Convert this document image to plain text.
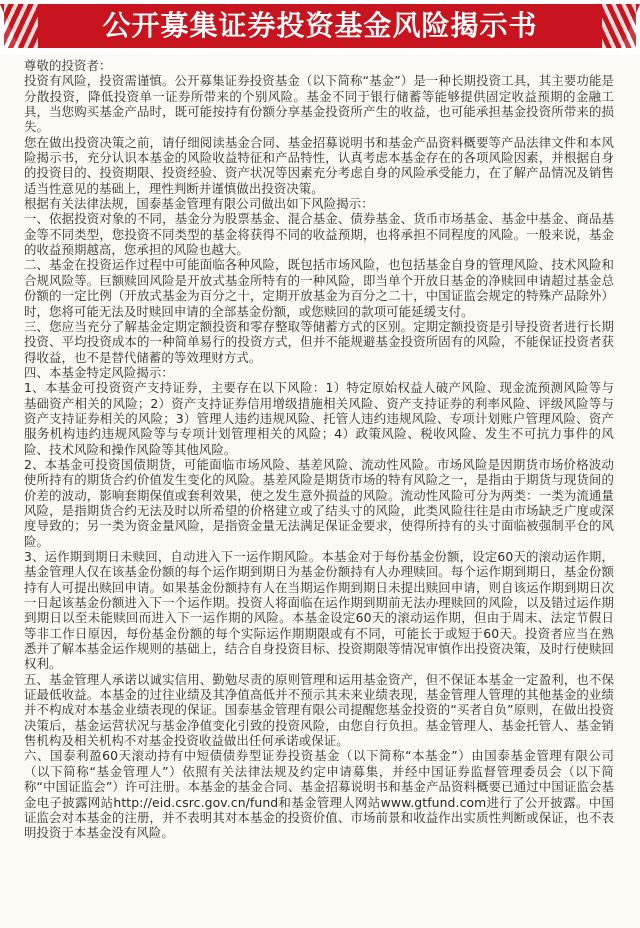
公开募集证券投资基金风险揭示书

尊敬的投资者：

投资有风险，投资需谨慎。公开募集证券投资基金（以下简称“基金”）是一种长期投资工具，其主要功能是分散投资，降低投资单一证券所带来的个别风险。基金不同于银行储蓄等能够提供固定收益预期的金融工具，当您购买基金产品时，既可能按持有份额分享基金投资所产生的收益，也可能承担基金投资所带来的损失。

您在做出投资决策之前，请仔细阅读基金合同、基金招募说明书和基金产品资料概要等产品法律文件和本风险揭示书，充分认识本基金的风险收益特征和产品特性，认真考虑本基金存在的各项风险因素，并根据自身的投资目的、投资期限、投资经验、资产状况等因素充分考虑自身的风险承受能力，在了解产品情况及销售适当性意见的基础上，理性判断并谨慎做出投资决策。

根据有关法律法规，国泰基金管理有限公司做出如下风险揭示：

一、依据投资对象的不同，基金分为股票基金、混合基金、债券基金、货币市场基金、基金中基金、商品基金等不同类型，您投资不同类型的基金将获得不同的收益预期，也将承担不同程度的风险。一般来说，基金的收益预期越高，您承担的风险也越大。

二、基金在投资运作过程中可能面临各种风险，既包括市场风险，也包括基金自身的管理风险、技术风险和合规风险等。巨额赎回风险是开放式基金所特有的一种风险，即当单个开放日基金的净赎回申请超过基金总份额的一定比例（开放式基金为百分之十，定期开放基金为百分之二十，中国证监会规定的特殊产品除外）时，您将可能无法及时赎回申请的全部基金份额，或您赎回的款项可能延缓支付。

三、您应当充分了解基金定期定额投资和零存整取等储蓄方式的区别。定期定额投资是引导投资者进行长期投资、平均投资成本的一种简单易行的投资方式，但并不能规避基金投资所固有的风险，不能保证投资者获得收益，也不是替代储蓄的等效理财方式。

四、本基金特定风险揭示：

1、本基金可投资资产支持证券，主要存在以下风险：1）特定原始权益人破产风险、现金流预测风险等与基础资产相关的风险；2）资产支持证券信用增级措施相关风险、资产支持证券的利率风险、评级风险等与资产支持证券相关的风险；3）管理人违约违规风险、托管人违约违规风险、专项计划账户管理风险、资产服务机构违约违规风险等与专项计划管理相关的风险；4）政策风险、税收风险、发生不可抗力事件的风险、技术风险和操作风险等其他风险。

2、本基金可投资国债期货，可能面临市场风险、基差风险、流动性风险。市场风险是因期货市场价格波动使所持有的期货合约价值发生变化的风险。基差风险是期货市场的特有风险之一，是指由于期货与现货间的价差的波动，影响套期保值或套利效果，使之发生意外损益的风险。流动性风险可分为两类：一类为流通量风险，是指期货合约无法及时以所希望的价格建立或了结头寸的风险，此类风险往往是由市场缺乏广度或深度导致的；另一类为资金量风险，是指资金量无法满足保证金要求，使得所持有的头寸面临被强制平仓的风险。

3、运作期到期日未赎回，自动进入下一运作期风险。本基金对于每份基金份额，设定60天的滚动运作期，基金管理人仅在该基金份额的每个运作期到期日为基金份额持有人办理赎回。每个运作期到期日，基金份额持有人可提出赎回申请。如果基金份额持有人在当期运作期到期日未提出赎回申请，则自该运作期到期日次一日起该基金份额进入下一个运作期。投资人将面临在运作期到期前无法办理赎回的风险，以及错过运作期到期日以至未能赎回而进入下一运作期的风险。本基金设定60天的滚动运作期，但由于周末、法定节假日等非工作日原因，每份基金份额的每个实际运作期期限或有不同，可能长于或短于60天。投资者应当在熟悉并了解本基金运作规则的基础上，结合自身投资目标、投资期限等情况审慎作出投资决策，及时行使赎回权利。

五、基金管理人承诺以诚实信用、勤勉尽责的原则管理和运用基金资产，但不保证本基金一定盈利，也不保证最低收益。本基金的过往业绩及其净值高低并不预示其未来业绩表现，基金管理人管理的其他基金的业绩并不构成对本基金业绩表现的保证。国泰基金管理有限公司提醒您基金投资的“买者自负”原则，在做出投资决策后，基金运营状况与基金净值变化引致的投资风险，由您自行负担。基金管理人、基金托管人、基金销售机构及相关机构不对基金投资收益做出任何承诺或保证。

六、国泰利盈60天滚动持有中短债债券型证券投资基金（以下简称“本基金”）由国泰基金管理有限公司（以下简称“基金管理人”）依照有关法律法规及约定申请募集，并经中国证券监督管理委员会（以下简称“中国证监会”）许可注册。本基金的基金合同、基金招募说明书和基金产品资料概要已通过中国证监会基金电子披露网站http://eid.csrc.gov.cn/fund和基金管理人网站www.gtfund.com进行了公开披露。中国证监会对本基金的注册，并不表明其对本基金的投资价值、市场前景和收益作出实质性判断或保证，也不表明投资于本基金没有风险。
